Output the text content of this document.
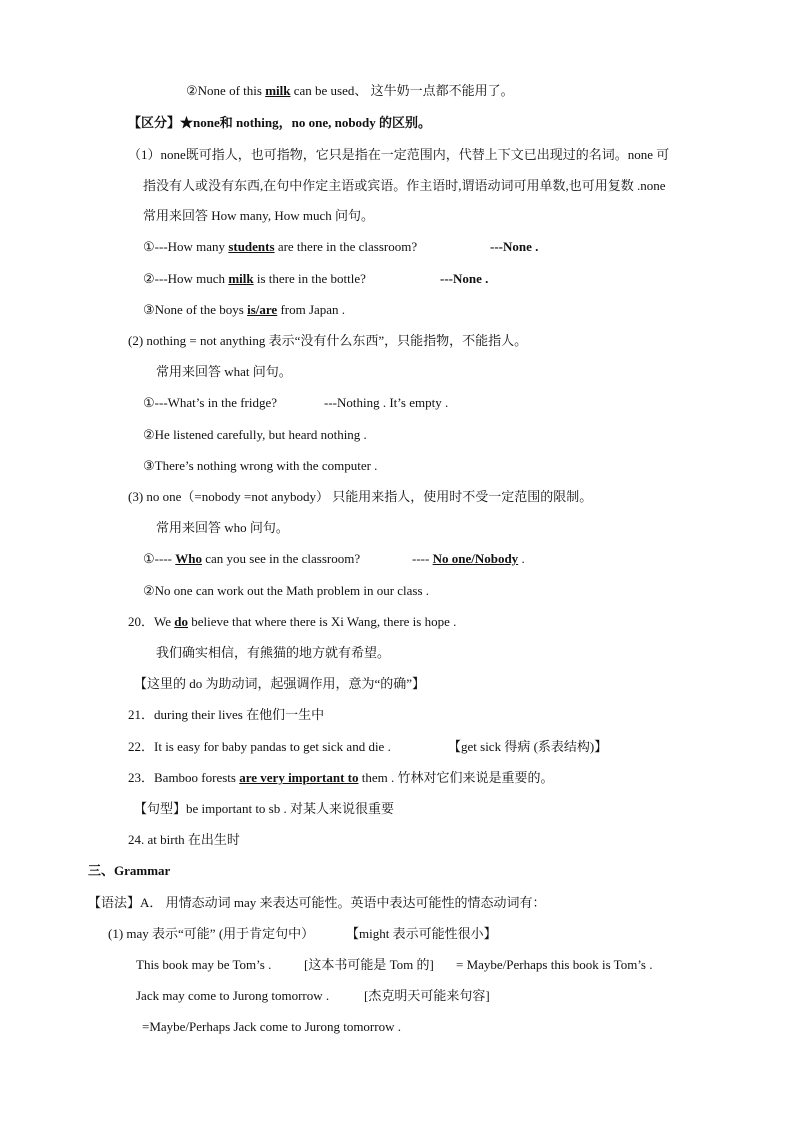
②None of this milk can be used、 这牛奶一点都不能用了。
【区分】★none和 nothing，no one, nobody 的区别。
（1）none既可指人，也可指物，它只是指在一定范围内，代替上下文已出现过的名词。none 可
指没有人或没有东西,在句中作定主语或宾语。作主语时,谓语动词可用单数,也可用复数 .none
常用来回答 How many, How much 问句。
①---How many students are there in the classroom?	---None .
②---How much milk is there in the bottle?	---None .
③None of the boys is/are from Japan .
(2) nothing = not anything 表示“没有什么东西”，只能指物，不能指人。
常用来回答 what 问句。
①---What’s in the fridge?	---Nothing . It’s empty .
②He listened carefully, but heard nothing .
③There’s nothing wrong with the computer .
(3) no one（=nobody =not anybody） 只能用来指人，使用时不受一定范围的限制。
常用来回答 who 问句。
①---- Who can you see in the classroom?	---- No one/Nobody .
②No one can work out the Math problem in our class .
20．We do believe that where there is Xi Wang, there is hope .
我们确实相信，有熊猫的地方就有希望。
【这里的 do 为助动词，起强调作用，意为“的确”】
21．during their lives 在他们一生中
22．It is easy for baby pandas to get sick and die .	【get sick 得病 (系表结构)】
23．Bamboo forests are very important to them . 竹林对它们来说是重要的。
【句型】be important to sb . 对某人来说很重要
24. at birth 在出生时
三、Grammar
【语法】A． 用情态动词 may 来表达可能性。英语中表达可能性的情态动词有：
(1) may 表示“可能” (用于肯定句中） 【might 表示可能性很小】
This book may be Tom’s .	[这本书可能是 Tom 的] = Maybe/Perhaps this book is Tom’s .
Jack may come to Jurong tomorrow .	[杰克明天可能来句容]
=Maybe/Perhaps Jack come to Jurong tomorrow .
